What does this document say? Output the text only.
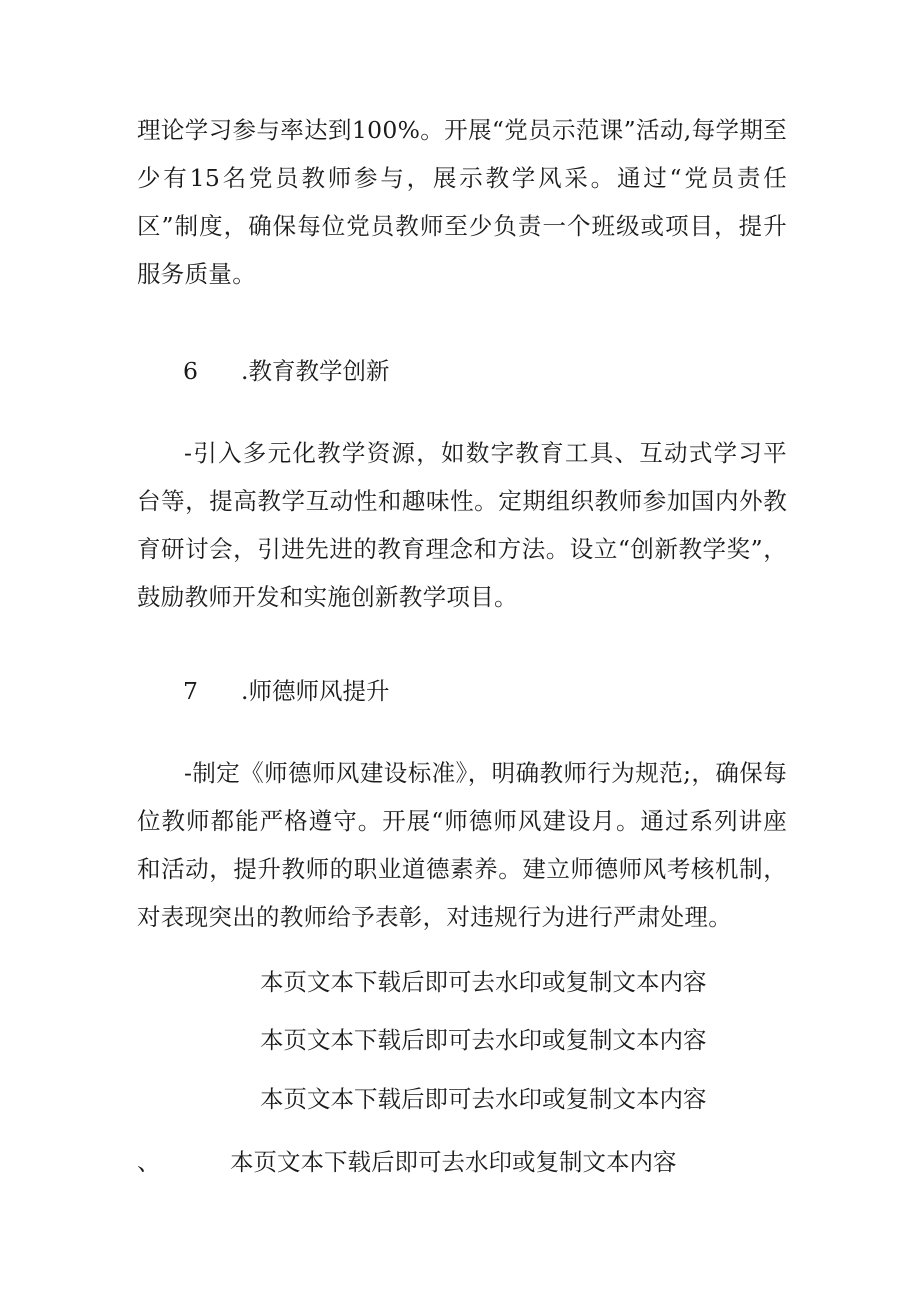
理论学习参与率达到100%。开展“党员示范课”活动,每学期至少有15名党员教师参与，展示教学风采。通过“党员责任区”制度，确保每位党员教师至少负责一个班级或项目，提升服务质量。

6 .教育教学创新

-引入多元化教学资源，如数字教育工具、互动式学习平台等，提高教学互动性和趣味性。定期组织教师参加国内外教育研讨会，引进先进的教育理念和方法。设立“创新教学奖”，鼓励教师开发和实施创新教学项目。

7 .师德师风提升

-制定《师德师风建设标准》，明确教师行为规范;，确保每位教师都能严格遵守。开展“师德师风建设月。通过系列讲座和活动，提升教师的职业道德素养。建立师德师风考核机制，对表现突出的教师给予表彰，对违规行为进行严肃处理。

本页文本下载后即可去水印或复制文本内容

本页文本下载后即可去水印或复制文本内容

本页文本下载后即可去水印或复制文本内容

、	本页文本下载后即可去水印或复制文本内容
